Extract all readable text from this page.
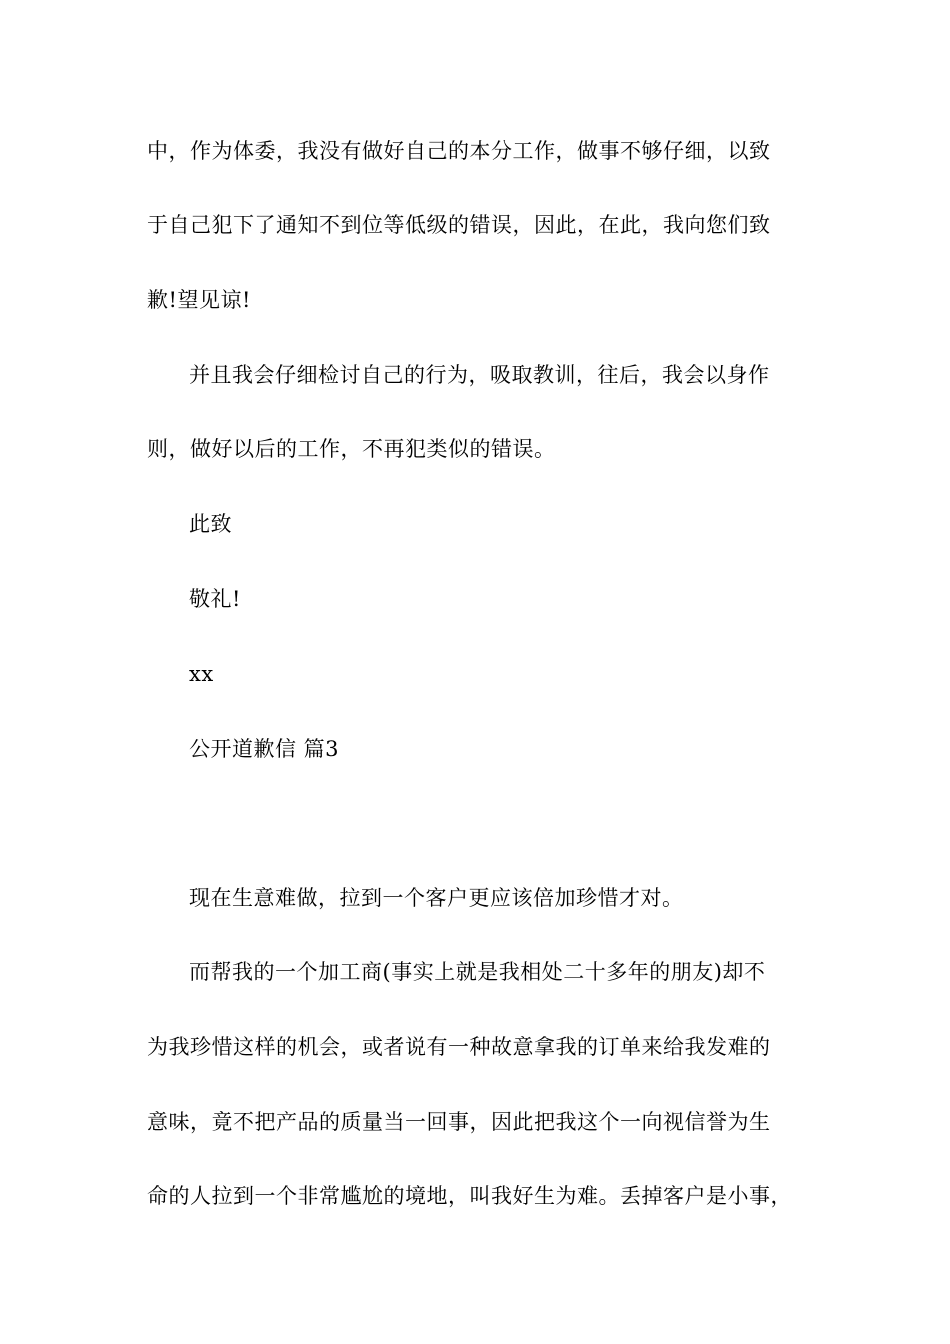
中，作为体委，我没有做好自己的本分工作，做事不够仔细，以致
于自己犯下了通知不到位等低级的错误，因此，在此，我向您们致
歉!望见谅!
并且我会仔细检讨自己的行为，吸取教训，往后，我会以身作
则，做好以后的工作，不再犯类似的错误。
此致
敬礼!
xx
公开道歉信 篇3
现在生意难做，拉到一个客户更应该倍加珍惜才对。
而帮我的一个加工商(事实上就是我相处二十多年的朋友)却不
为我珍惜这样的机会，或者说有一种故意拿我的订单来给我发难的
意味，竟不把产品的质量当一回事，因此把我这个一向视信誉为生
命的人拉到一个非常尴尬的境地，叫我好生为难。丢掉客户是小事，
